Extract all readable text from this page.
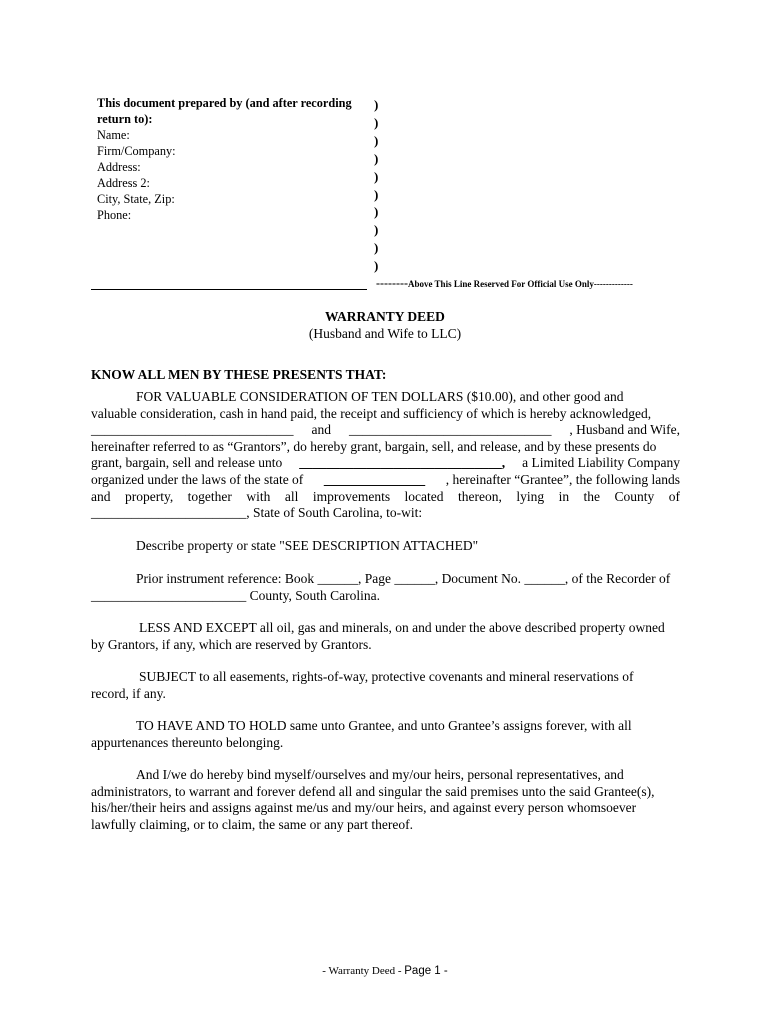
This document prepared by (and after recording
return to):
Name:
Firm/Company:
Address:
Address 2:
City, State, Zip:
Phone:
)
)
)
)
)
)
)
)
)
)
--------Above This Line Reserved For Official Use Only-------------
WARRANTY DEED
(Husband and Wife to LLC)
KNOW ALL MEN BY THESE PRESENTS THAT:
FOR VALUABLE CONSIDERATION OF TEN DOLLARS ($10.00), and other good and
valuable consideration, cash in hand paid, the receipt and sufficiency of which is hereby acknowledged,
______________________________ and ______________________________ , Husband and Wife,
hereinafter referred to as “Grantors”, do hereby grant, bargain, sell, and release, and by these presents do
grant, bargain, sell and release unto ______________________________, a Limited Liability Company
organized under the laws of the state of _______________ , hereinafter “Grantee”, the following lands
and property, together with all improvements located thereon, lying in the County of
_______________________, State of South Carolina, to-wit:
Describe property or state "SEE DESCRIPTION ATTACHED"
Prior instrument reference: Book ______, Page ______, Document No. ______, of the Recorder of
_______________________ County, South Carolina.
LESS AND EXCEPT all oil, gas and minerals, on and under the above described property owned
by Grantors, if any, which are reserved by Grantors.
SUBJECT to all easements, rights-of-way, protective covenants and mineral reservations of
record, if any.
TO HAVE AND TO HOLD same unto Grantee, and unto Grantee’s assigns forever, with all
appurtenances thereunto belonging.
And I/we do hereby bind myself/ourselves and my/our heirs, personal representatives, and
administrators, to warrant and forever defend all and singular the said premises unto the said Grantee(s),
his/her/their heirs and assigns against me/us and my/our heirs, and against every person whomsoever
lawfully claiming, or to claim, the same or any part thereof.
- Warranty Deed - Page 1 -
